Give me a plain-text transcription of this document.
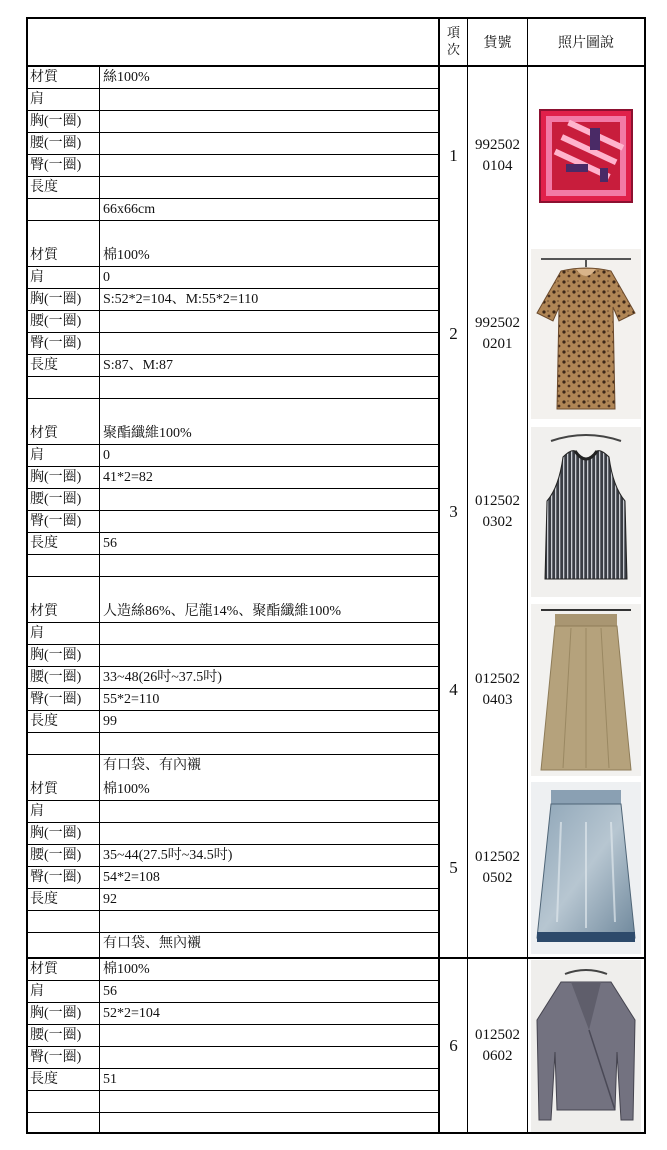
項次	貨號	照片圖說
材質
肩
胸(一圈)
腰(一圈)
臀(一圈)
長度
絲100%
66x66cm
1
992502
0104
材質
肩
胸(一圈)
腰(一圈)
臀(一圈)
長度
棉100%
0
S:52*2=104、M:55*2=110
S:87、M:87
2
992502
0201
材質
肩
胸(一圈)
腰(一圈)
臀(一圈)
長度
聚酯纖維100%
0
41*2=82
56
3
012502
0302
材質
肩
胸(一圈)
腰(一圈)
臀(一圈)
長度
人造絲86%、尼龍14%、聚酯纖維100%
33~48(26吋~37.5吋)
55*2=110
99
有口袋、有內襯
4
012502
0403
材質
肩
胸(一圈)
腰(一圈)
臀(一圈)
長度
棉100%
35~44(27.5吋~34.5吋)
54*2=108
92
有口袋、無內襯
5
012502
0502
材質
肩
胸(一圈)
腰(一圈)
臀(一圈)
長度
棉100%
56
52*2=104
51
6
012502
0602
